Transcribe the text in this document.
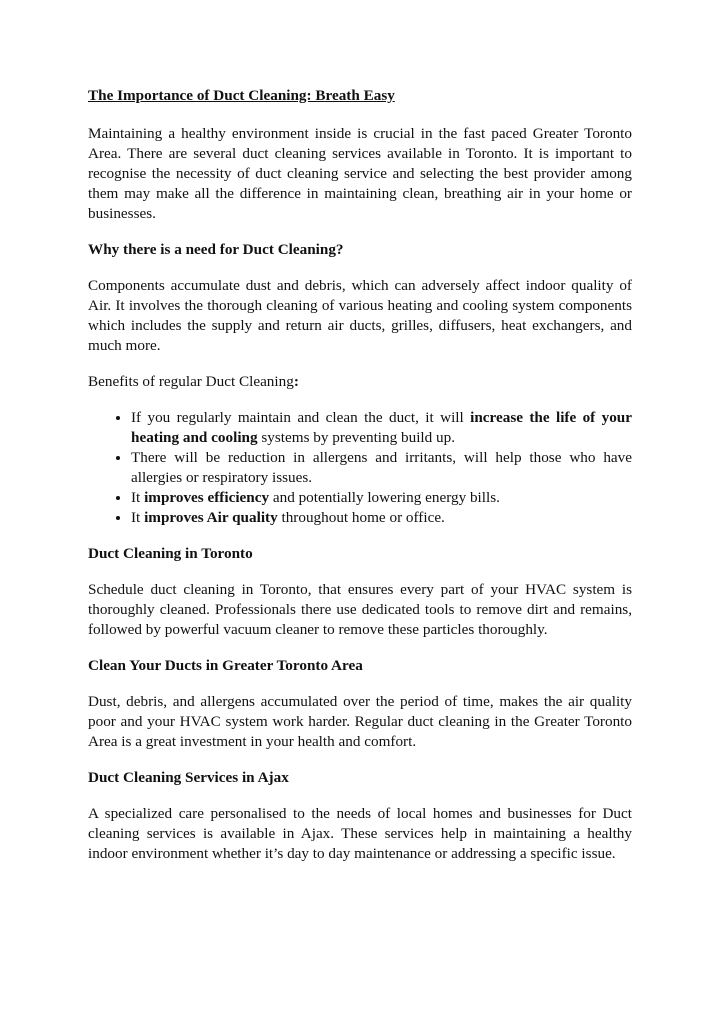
The Importance of Duct Cleaning: Breath Easy

Maintaining a healthy environment inside is crucial in the fast paced Greater Toronto Area. There are several duct cleaning services available in Toronto. It is important to recognise the necessity of duct cleaning service and selecting the best provider among them may make all the difference in maintaining clean, breathing air in your home or businesses.

Why there is a need for Duct Cleaning?

Components accumulate dust and debris, which can adversely affect indoor quality of Air. It involves the thorough cleaning of various heating and cooling system components which includes the supply and return air ducts, grilles, diffusers, heat exchangers, and much more.

Benefits of regular Duct Cleaning:

• If you regularly maintain and clean the duct, it will increase the life of your heating and cooling systems by preventing build up.
• There will be reduction in allergens and irritants, will help those who have allergies or respiratory issues.
• It improves efficiency and potentially lowering energy bills.
• It improves Air quality throughout home or office.

Duct Cleaning in Toronto

Schedule duct cleaning in Toronto, that ensures every part of your HVAC system is thoroughly cleaned. Professionals there use dedicated tools to remove dirt and remains, followed by powerful vacuum cleaner to remove these particles thoroughly.

Clean Your Ducts in Greater Toronto Area

Dust, debris, and allergens accumulated over the period of time, makes the air quality poor and your HVAC system work harder. Regular duct cleaning in the Greater Toronto Area is a great investment in your health and comfort.

Duct Cleaning Services in Ajax

A specialized care personalised to the needs of local homes and businesses for Duct cleaning services is available in Ajax. These services help in maintaining a healthy indoor environment whether it’s day to day maintenance or addressing a specific issue.
